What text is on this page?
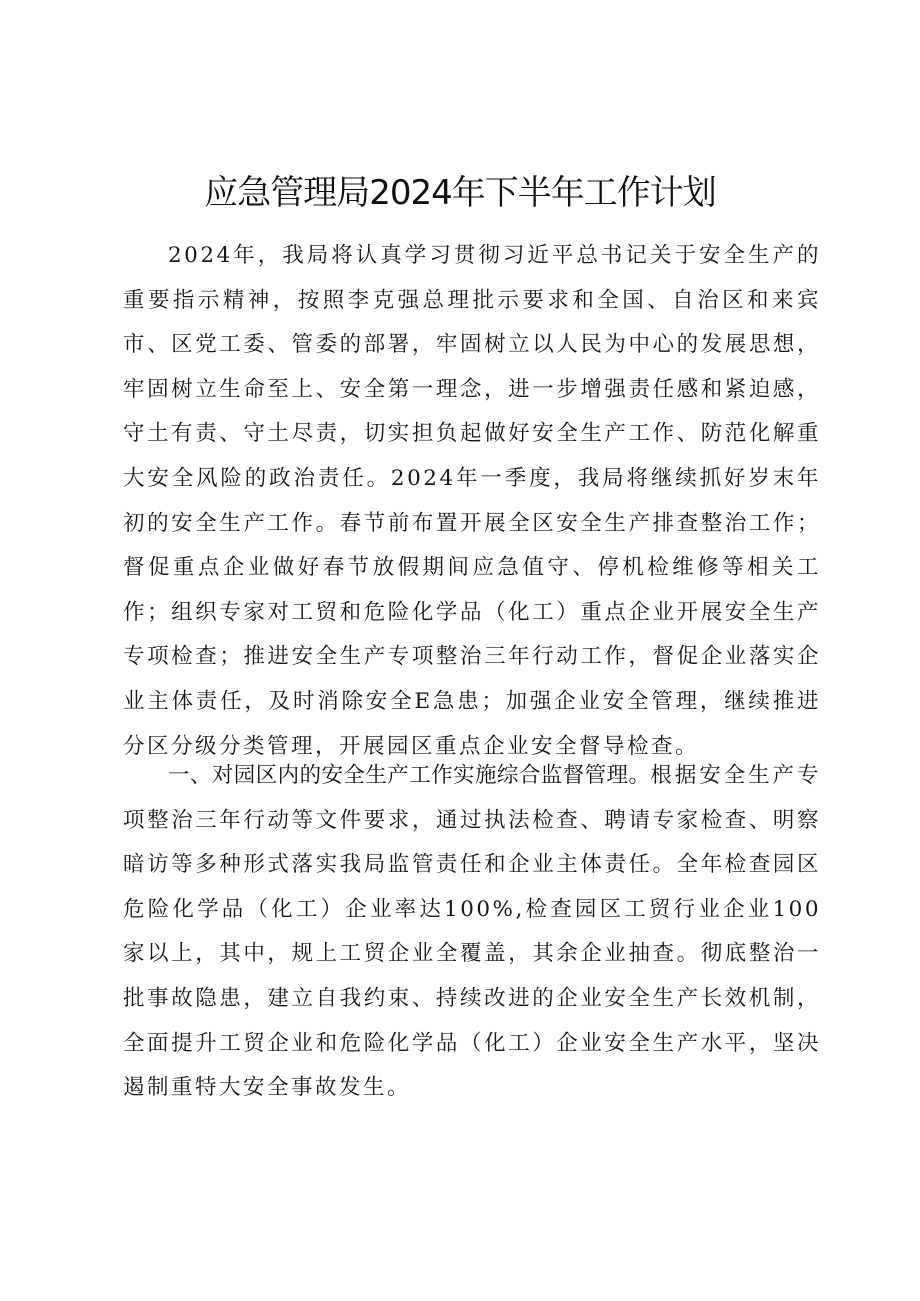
应急管理局2024年下半年工作计划

2024年，我局将认真学习贯彻习近平总书记关于安全生产的重要指示精神，按照李克强总理批示要求和全国、自治区和来宾市、区党工委、管委的部署，牢固树立以人民为中心的发展思想，牢固树立生命至上、安全第一理念，进一步增强责任感和紧迫感，守土有责、守土尽责，切实担负起做好安全生产工作、防范化解重大安全风险的政治责任。2024年一季度，我局将继续抓好岁末年初的安全生产工作。春节前布置开展全区安全生产排查整治工作；督促重点企业做好春节放假期间应急值守、停机检维修等相关工作；组织专家对工贸和危险化学品（化工）重点企业开展安全生产专项检查；推进安全生产专项整治三年行动工作，督促企业落实企业主体责任，及时消除安全E急患；加强企业安全管理，继续推进分区分级分类管理，开展园区重点企业安全督导检查。

一、对园区内的安全生产工作实施综合监督管理。根据安全生产专项整治三年行动等文件要求，通过执法检查、聘请专家检查、明察暗访等多种形式落实我局监管责任和企业主体责任。全年检查园区危险化学品（化工）企业率达100%,检查园区工贸行业企业100家以上，其中，规上工贸企业全覆盖，其余企业抽查。彻底整治一批事故隐患，建立自我约束、持续改进的企业安全生产长效机制，全面提升工贸企业和危险化学品（化工）企业安全生产水平，坚决遏制重特大安全事故发生。
